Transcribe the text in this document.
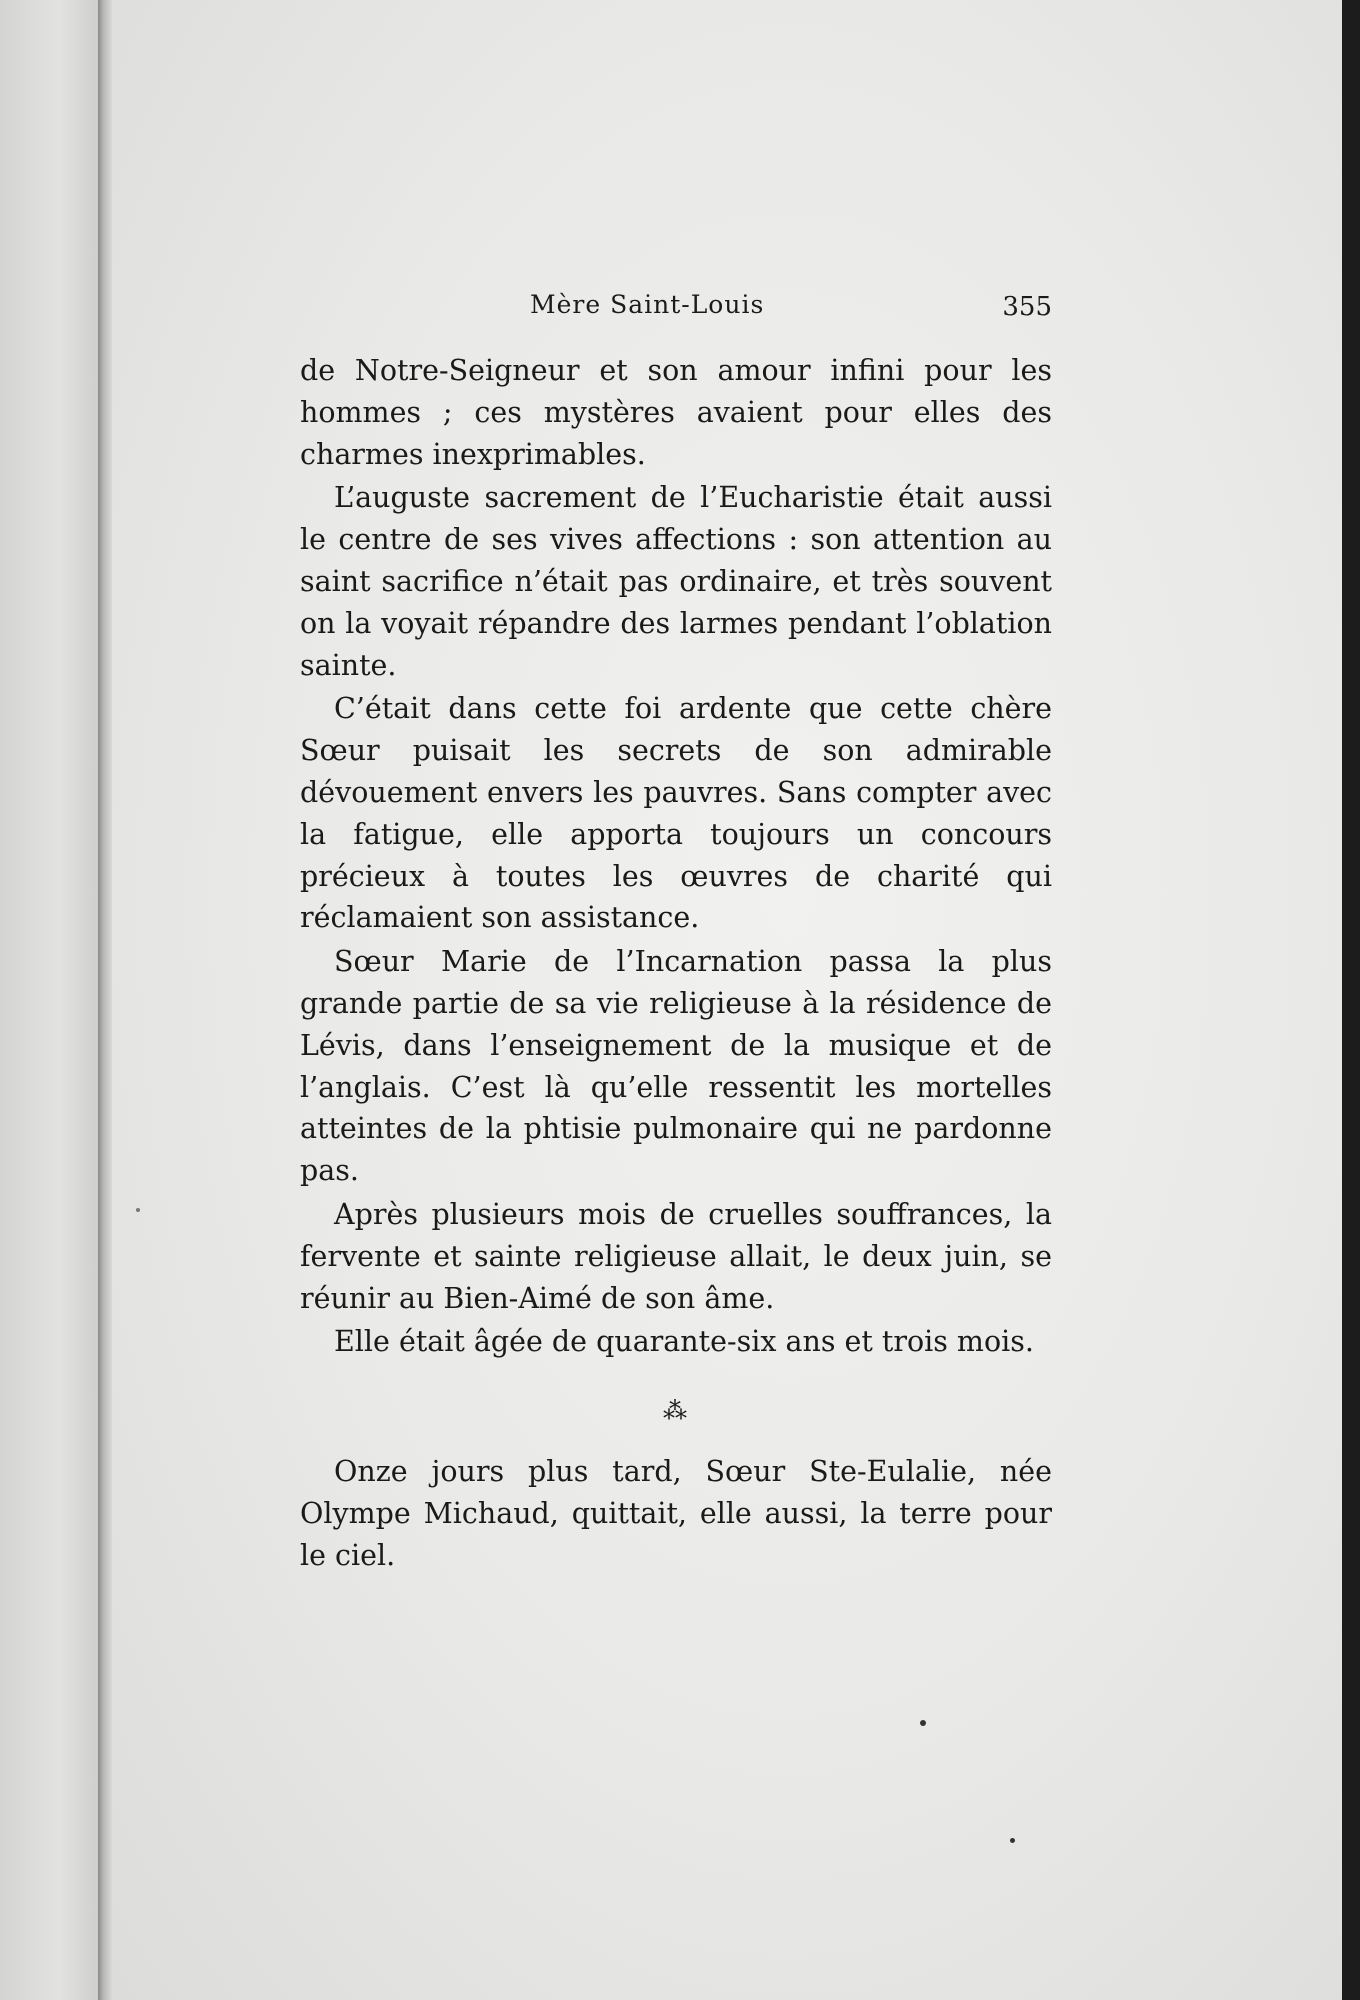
Mère Saint-Louis	355

de Notre-Seigneur et son amour infini pour les hommes ; ces mystères avaient pour elles des charmes inexprimables.

L’auguste sacrement de l’Eucharistie était aussi le centre de ses vives affections : son attention au saint sacrifice n’était pas ordinaire, et très souvent on la voyait répandre des larmes pendant l’oblation sainte.

C’était dans cette foi ardente que cette chère Sœur puisait les secrets de son admirable dévouement envers les pauvres. Sans compter avec la fatigue, elle apporta toujours un concours précieux à toutes les œuvres de charité qui réclamaient son assistance.

Sœur Marie de l’Incarnation passa la plus grande partie de sa vie religieuse à la résidence de Lévis, dans l’enseignement de la musique et de l’anglais. C’est là qu’elle ressentit les mortelles atteintes de la phtisie pulmonaire qui ne pardonne pas.

Après plusieurs mois de cruelles souffrances, la fervente et sainte religieuse allait, le deux juin, se réunir au Bien-Aimé de son âme.

Elle était âgée de quarante-six ans et trois mois.

⁂

Onze jours plus tard, Sœur Ste-Eulalie, née Olympe Michaud, quittait, elle aussi, la terre pour le ciel.
